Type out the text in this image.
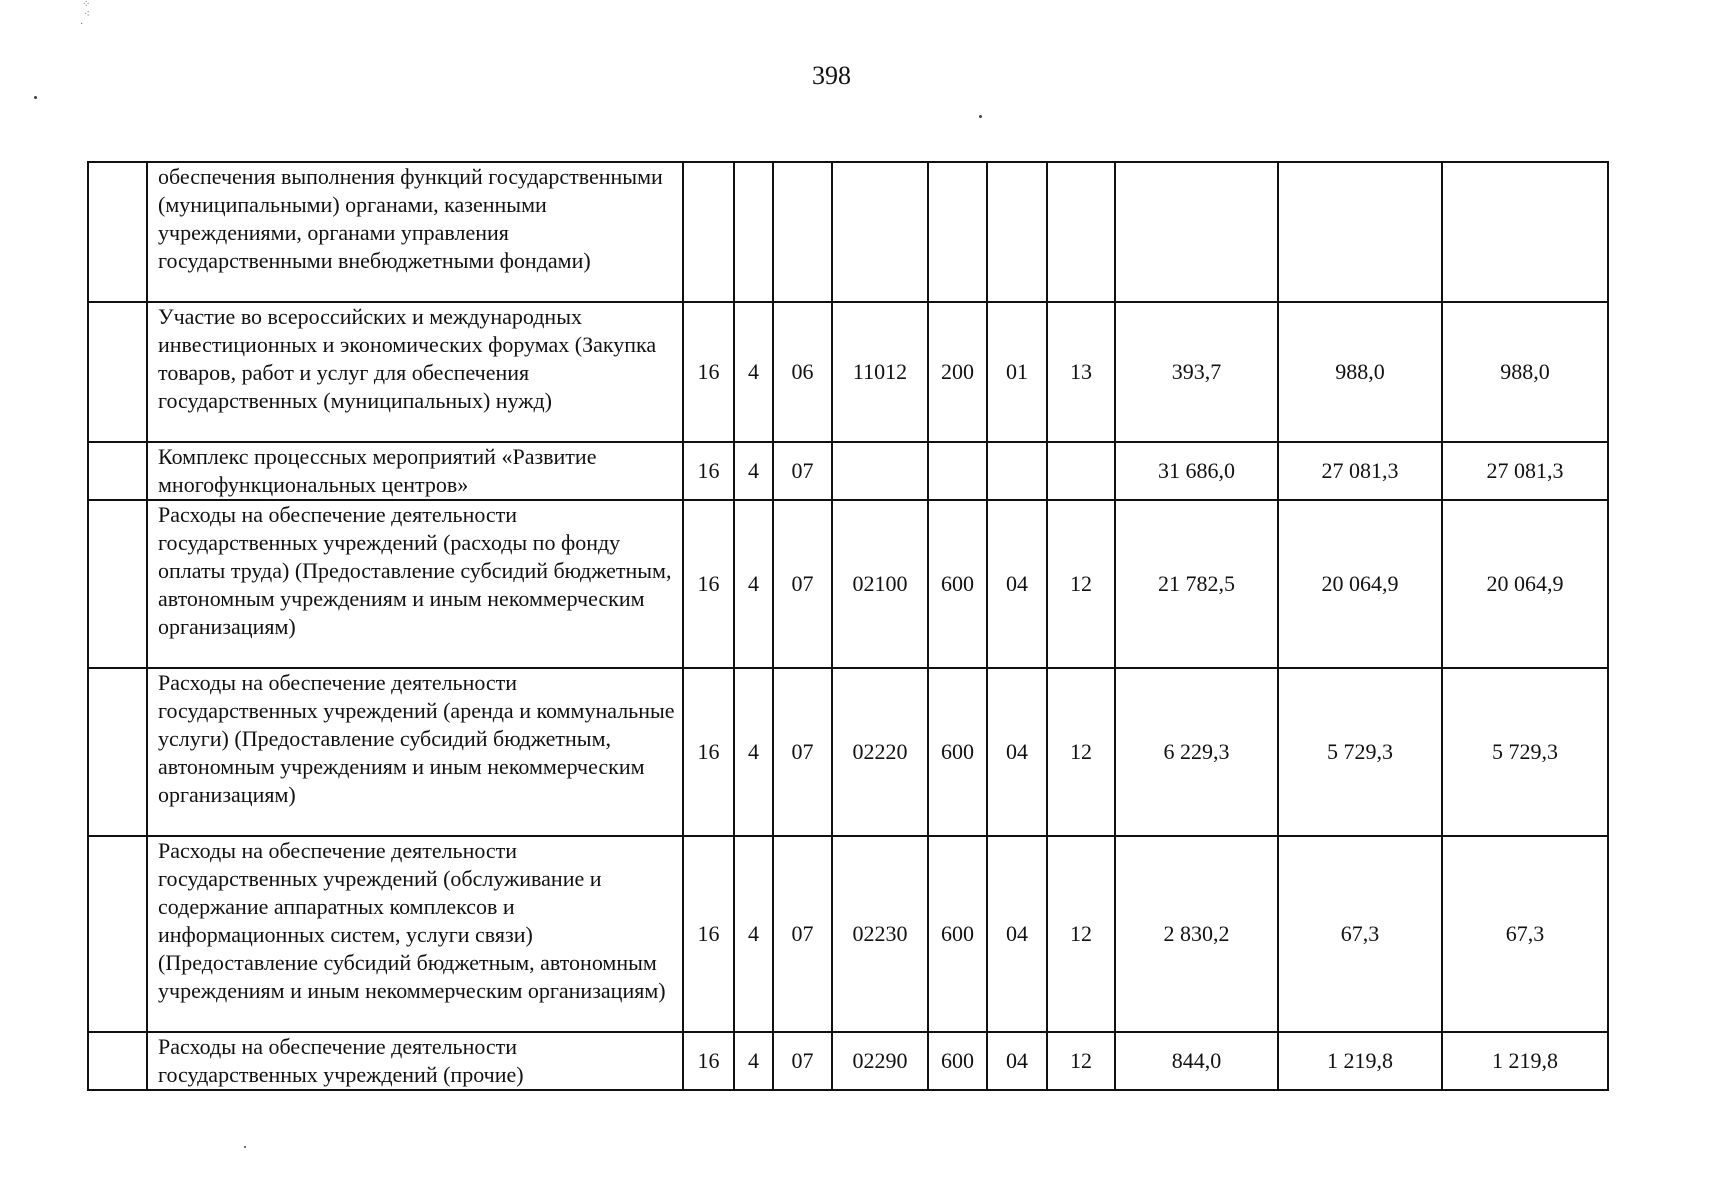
⁘
⁖
·
398
	обеспечения выполнения функций государственными (муниципальными) органами, казенными учреждениями, органами управления государственными внебюджетными фондами)										
	Участие во всероссийских и международных инвестиционных и экономических форумах (Закупка товаров, работ и услуг для обеспечения государственных (муниципальных) нужд)	16	4	06	11012	200	01	13	393,7	988,0	988,0
	Комплекс процессных мероприятий «Развитие многофункциональных центров»	16	4	07					31 686,0	27 081,3	27 081,3
	Расходы на обеспечение деятельности государственных учреждений (расходы по фонду оплаты труда) (Предоставление субсидий бюджетным, автономным учреждениям и иным некоммерческим организациям)	16	4	07	02100	600	04	12	21 782,5	20 064,9	20 064,9
	Расходы на обеспечение деятельности государственных учреждений (аренда и коммунальные услуги) (Предоставление субсидий бюджетным, автономным учреждениям и иным некоммерческим организациям)	16	4	07	02220	600	04	12	6 229,3	5 729,3	5 729,3
	Расходы на обеспечение деятельности государственных учреждений (обслуживание и содержание аппаратных комплексов и информационных систем, услуги связи) (Предоставление субсидий бюджетным, автономным учреждениям и иным некоммерческим организациям)	16	4	07	02230	600	04	12	2 830,2	67,3	67,3
	Расходы на обеспечение деятельности государственных учреждений (прочие)	16	4	07	02290	600	04	12	844,0	1 219,8	1 219,8
